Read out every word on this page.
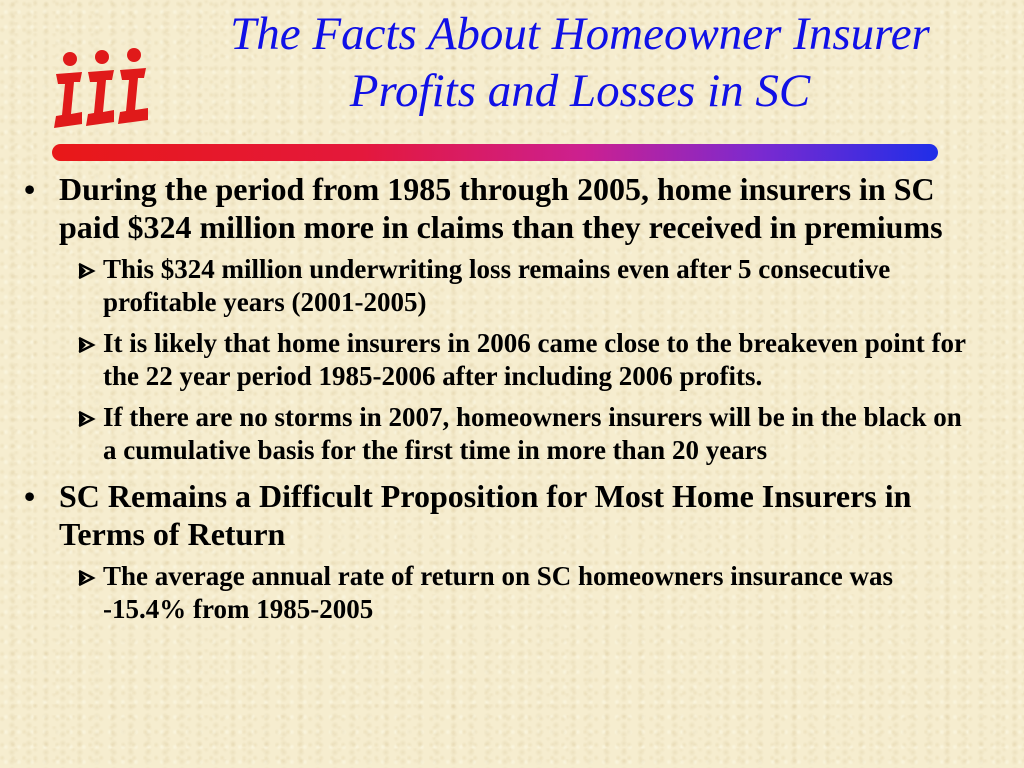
The Facts About Homeowner Insurer
Profits and Losses in SC

• During the period from 1985 through 2005, home insurers in SC paid $324 million more in claims than they received in premiums

This $324 million underwriting loss remains even after 5 consecutive profitable years (2001-2005)

It is likely that home insurers in 2006 came close to the breakeven point for the 22 year period 1985-2006 after including 2006 profits.

If there are no storms in 2007, homeowners insurers will be in the black on a cumulative basis for the first time in more than 20 years

• SC Remains a Difficult Proposition for Most Home Insurers in Terms of Return

The average annual rate of return on SC homeowners insurance was -15.4% from 1985-2005
